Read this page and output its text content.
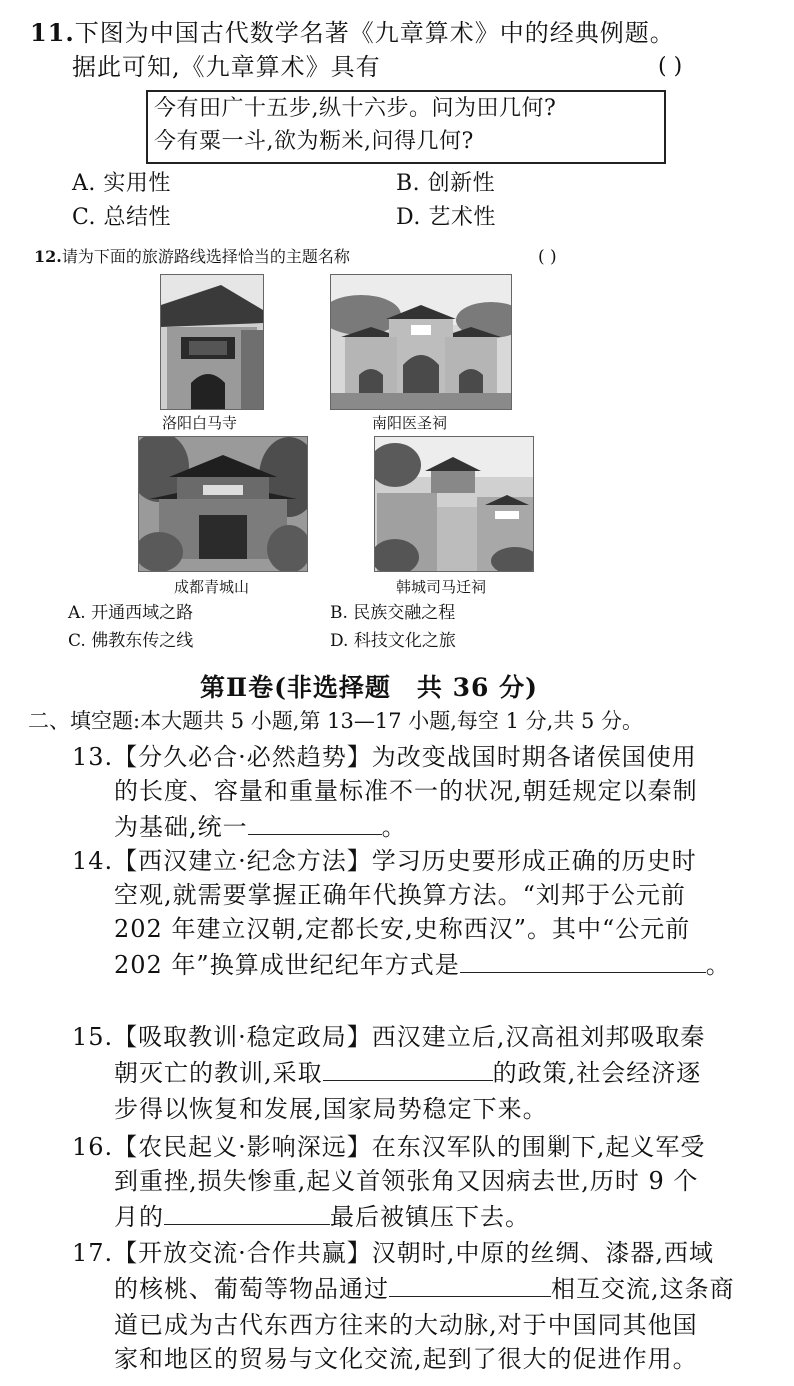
11.下图为中国古代数学名著《九章算术》中的经典例题。
据此可知,《九章算术》具有	( )
今有田广十五步,纵十六步。问为田几何?
今有粟一斗,欲为粝米,问得几何?
A. 实用性	B. 创新性
C. 总结性	D. 艺术性
12.请为下面的旅游路线选择恰当的主题名称	( )
洛阳白马寺	南阳医圣祠
成都青城山	韩城司马迁祠
A. 开通西域之路	B. 民族交融之程
C. 佛教东传之线	D. 科技文化之旅
第Ⅱ卷(非选择题　共 36 分)
二、填空题:本大题共 5 小题,第 13—17 小题,每空 1 分,共 5 分。
13.【分久必合·必然趋势】为改变战国时期各诸侯国使用
的长度、容量和重量标准不一的状况,朝廷规定以秦制
为基础,统一	。
14.【西汉建立·纪念方法】学习历史要形成正确的历史时
空观,就需要掌握正确年代换算方法。“刘邦于公元前
202 年建立汉朝,定都长安,史称西汉”。其中“公元前
202 年”换算成世纪纪年方式是	。
15.【吸取教训·稳定政局】西汉建立后,汉高祖刘邦吸取秦
朝灭亡的教训,采取	的政策,社会经济逐
步得以恢复和发展,国家局势稳定下来。
16.【农民起义·影响深远】在东汉军队的围剿下,起义军受
到重挫,损失惨重,起义首领张角又因病去世,历时 9 个
月的	最后被镇压下去。
17.【开放交流·合作共赢】汉朝时,中原的丝绸、漆器,西域
的核桃、葡萄等物品通过	相互交流,这条商
道已成为古代东西方往来的大动脉,对于中国同其他国
家和地区的贸易与文化交流,起到了很大的促进作用。
